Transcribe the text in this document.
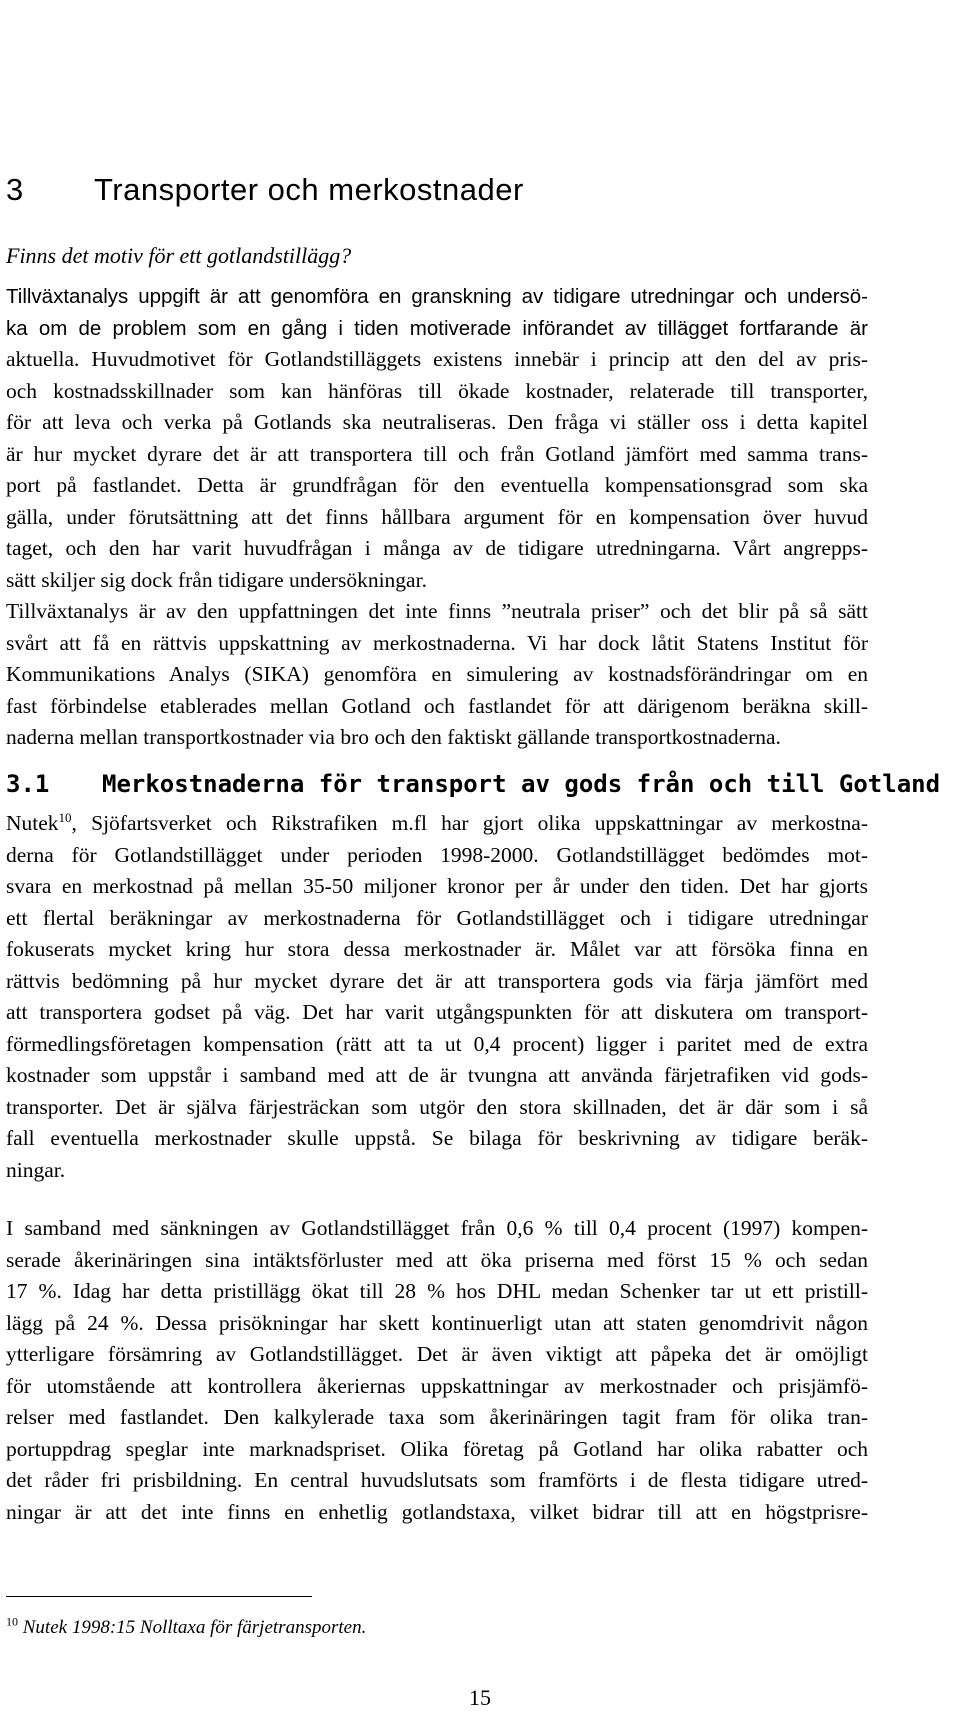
3 Transporter och merkostnader

Finns det motiv för ett gotlandstillägg?

Tillväxtanalys uppgift är att genomföra en granskning av tidigare utredningar och undersö-
ka om de problem som en gång i tiden motiverade införandet av tillägget fortfarande är
aktuella. Huvudmotivet för Gotlandstilläggets existens innebär i princip att den del av pris-
och kostnadsskillnader som kan hänföras till ökade kostnader, relaterade till transporter,
för att leva och verka på Gotlands ska neutraliseras. Den fråga vi ställer oss i detta kapitel
är hur mycket dyrare det är att transportera till och från Gotland jämfört med samma trans-
port på fastlandet. Detta är grundfrågan för den eventuella kompensationsgrad som ska
gälla, under förutsättning att det finns hållbara argument för en kompensation över huvud
taget, och den har varit huvudfrågan i många av de tidigare utredningarna. Vårt angrepps-
sätt skiljer sig dock från tidigare undersökningar.
Tillväxtanalys är av den uppfattningen det inte finns ”neutrala priser” och det blir på så sätt
svårt att få en rättvis uppskattning av merkostnaderna. Vi har dock låtit Statens Institut för
Kommunikations Analys (SIKA) genomföra en simulering av kostnadsförändringar om en
fast förbindelse etablerades mellan Gotland och fastlandet för att därigenom beräkna skill-
naderna mellan transportkostnader via bro och den faktiskt gällande transportkostnaderna.
3.1 Merkostnaderna för transport av gods från och till Gotland
Nutek$^{10}$, Sjöfartsverket och Rikstrafiken m.fl har gjort olika uppskattningar av merkostna-
derna för Gotlandstillägget under perioden 1998-2000. Gotlandstillägget bedömdes mot-
svara en merkostnad på mellan 35-50 miljoner kronor per år under den tiden. Det har gjorts
ett flertal beräkningar av merkostnaderna för Gotlandstillägget och i tidigare utredningar
fokuserats mycket kring hur stora dessa merkostnader är. Målet var att försöka finna en
rättvis bedömning på hur mycket dyrare det är att transportera gods via färja jämfört med
att transportera godset på väg. Det har varit utgångspunkten för att diskutera om transport-
förmedlingsföretagen kompensation (rätt att ta ut 0,4 procent) ligger i paritet med de extra
kostnader som uppstår i samband med att de är tvungna att använda färjetrafiken vid gods-
transporter. Det är själva färjesträckan som utgör den stora skillnaden, det är där som i så
fall eventuella merkostnader skulle uppstå. Se bilaga för beskrivning av tidigare beräk-
ningar.
I samband med sänkningen av Gotlandstillägget från 0,6 % till 0,4 procent (1997) kompen-
serade åkerinäringen sina intäktsförluster med att öka priserna med först 15 % och sedan
17 %. Idag har detta pristillägg ökat till 28 % hos DHL medan Schenker tar ut ett pristill-
lägg på 24 %. Dessa prisökningar har skett kontinuerligt utan att staten genomdrivit någon
ytterligare försämring av Gotlandstillägget. Det är även viktigt att påpeka det är omöjligt
för utomstående att kontrollera åkeriernas uppskattningar av merkostnader och prisjämfö-
relser med fastlandet. Den kalkylerade taxa som åkerinäringen tagit fram för olika tran-
portuppdrag speglar inte marknadspriset. Olika företag på Gotland har olika rabatter och
det råder fri prisbildning. En central huvudslutsats som framförts i de flesta tidigare utred-
ningar är att det inte finns en enhetlig gotlandstaxa, vilket bidrar till att en högstprisre-

$^{10}$ Nutek 1998:15 Nolltaxa för färjetransporten.

15
